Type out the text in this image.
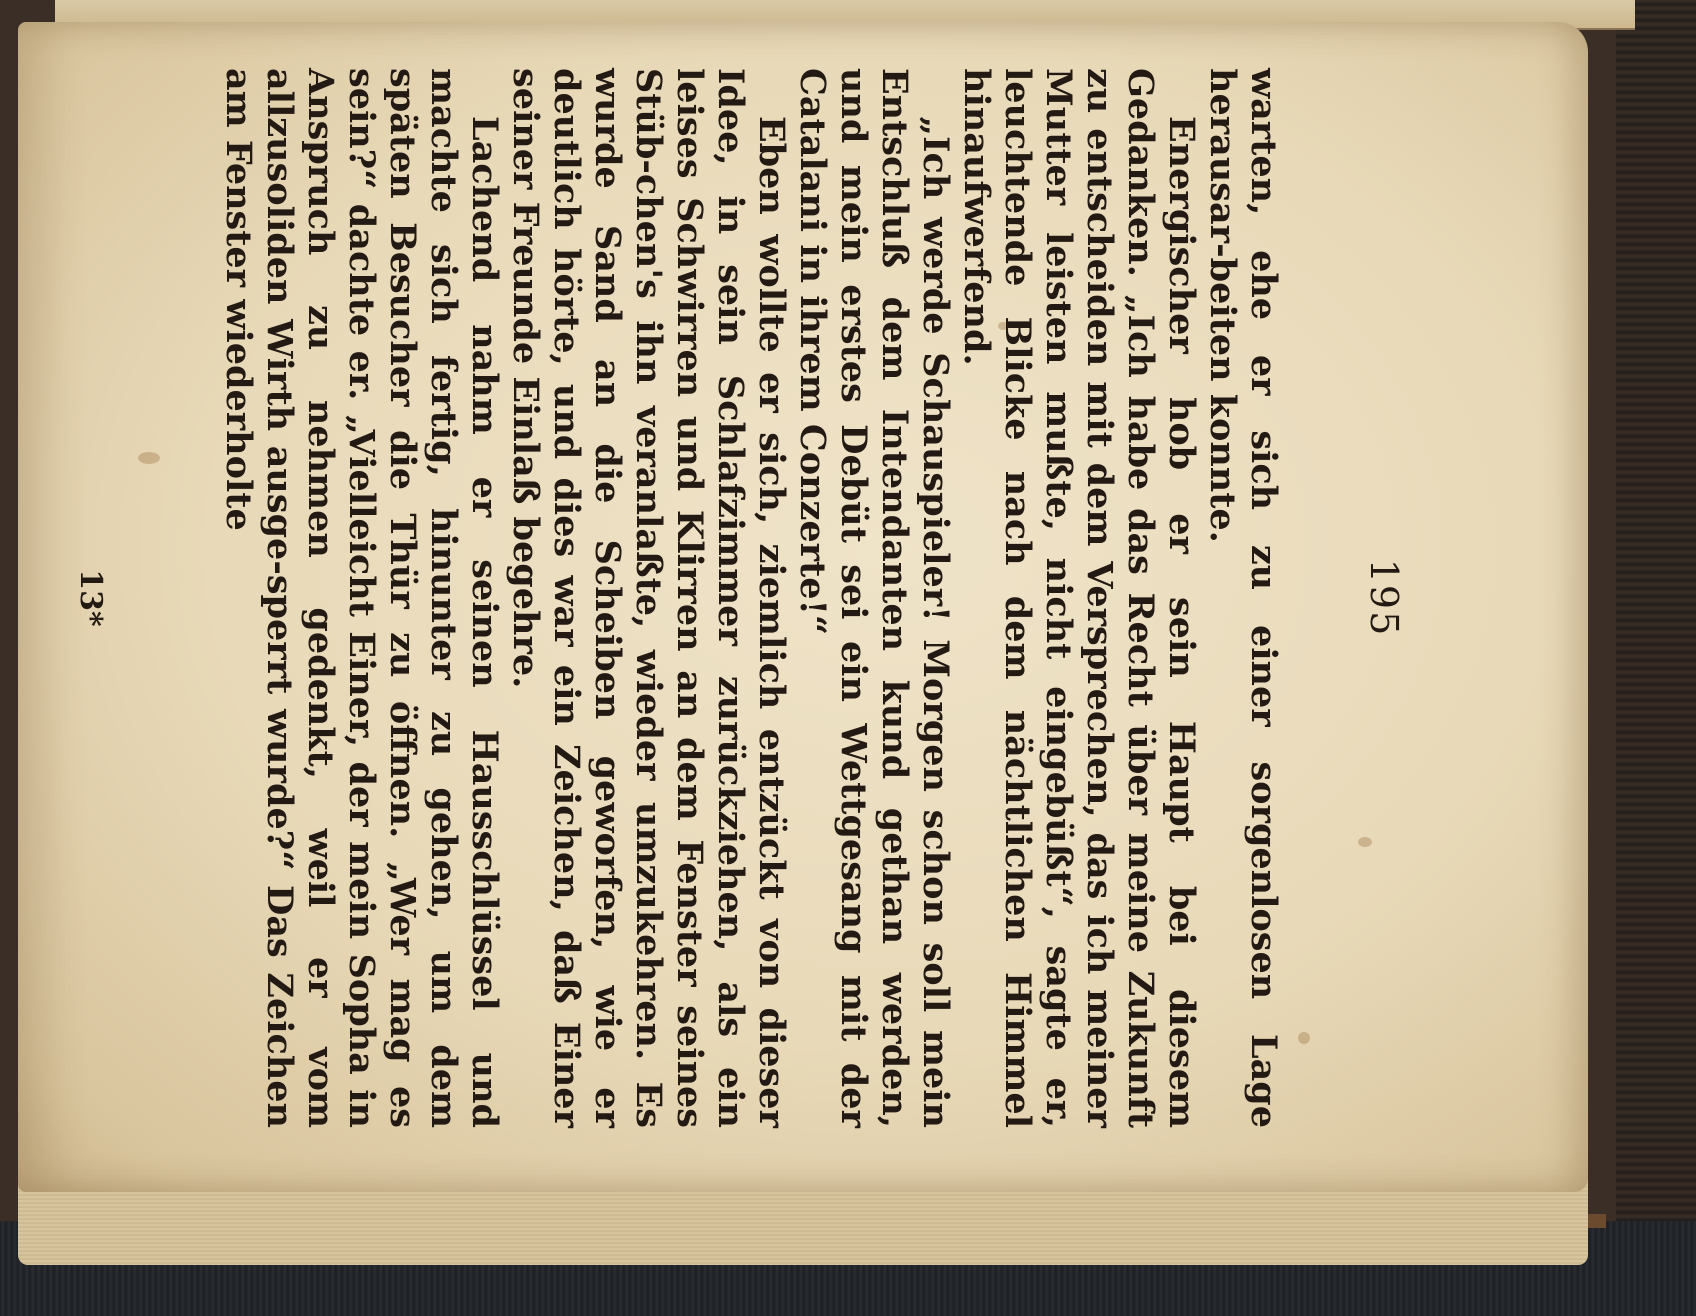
195

warten, ehe er sich zu einer sorgenlosen Lage herausar-beiten konnte.

Energischer hob er sein Haupt bei diesem Gedanken. „Ich habe das Recht über meine Zukunft zu entscheiden mit dem Versprechen, das ich meiner Mutter leisten mußte, nicht eingebüßt“, sagte er, leuchtende Blicke nach dem nächtlichen Himmel hinaufwerfend.

„Ich werde Schauspieler! Morgen schon soll mein Entschluß dem Intendanten kund gethan werden, und mein erstes Debüt sei ein Wettgesang mit der Catalani in ihrem Conzerte!“

Eben wollte er sich, ziemlich entzückt von dieser Idee, in sein Schlafzimmer zurückziehen, als ein leises Schwirren und Klirren an dem Fenster seines Stüb-chen's ihn veranlaßte, wieder umzukehren. Es wurde Sand an die Scheiben geworfen, wie er deutlich hörte, und dies war ein Zeichen, daß Einer seiner Freunde Einlaß begehre.

Lachend nahm er seinen Hausschlüssel und machte sich fertig, hinunter zu gehen, um dem späten Besucher die Thür zu öffnen. „Wer mag es sein?“ dachte er. „Vielleicht Einer, der mein Sopha in Anspruch zu nehmen gedenkt, weil er vom allzusoliden Wirth ausge-sperrt wurde?“ Das Zeichen am Fenster wiederholte

13*
